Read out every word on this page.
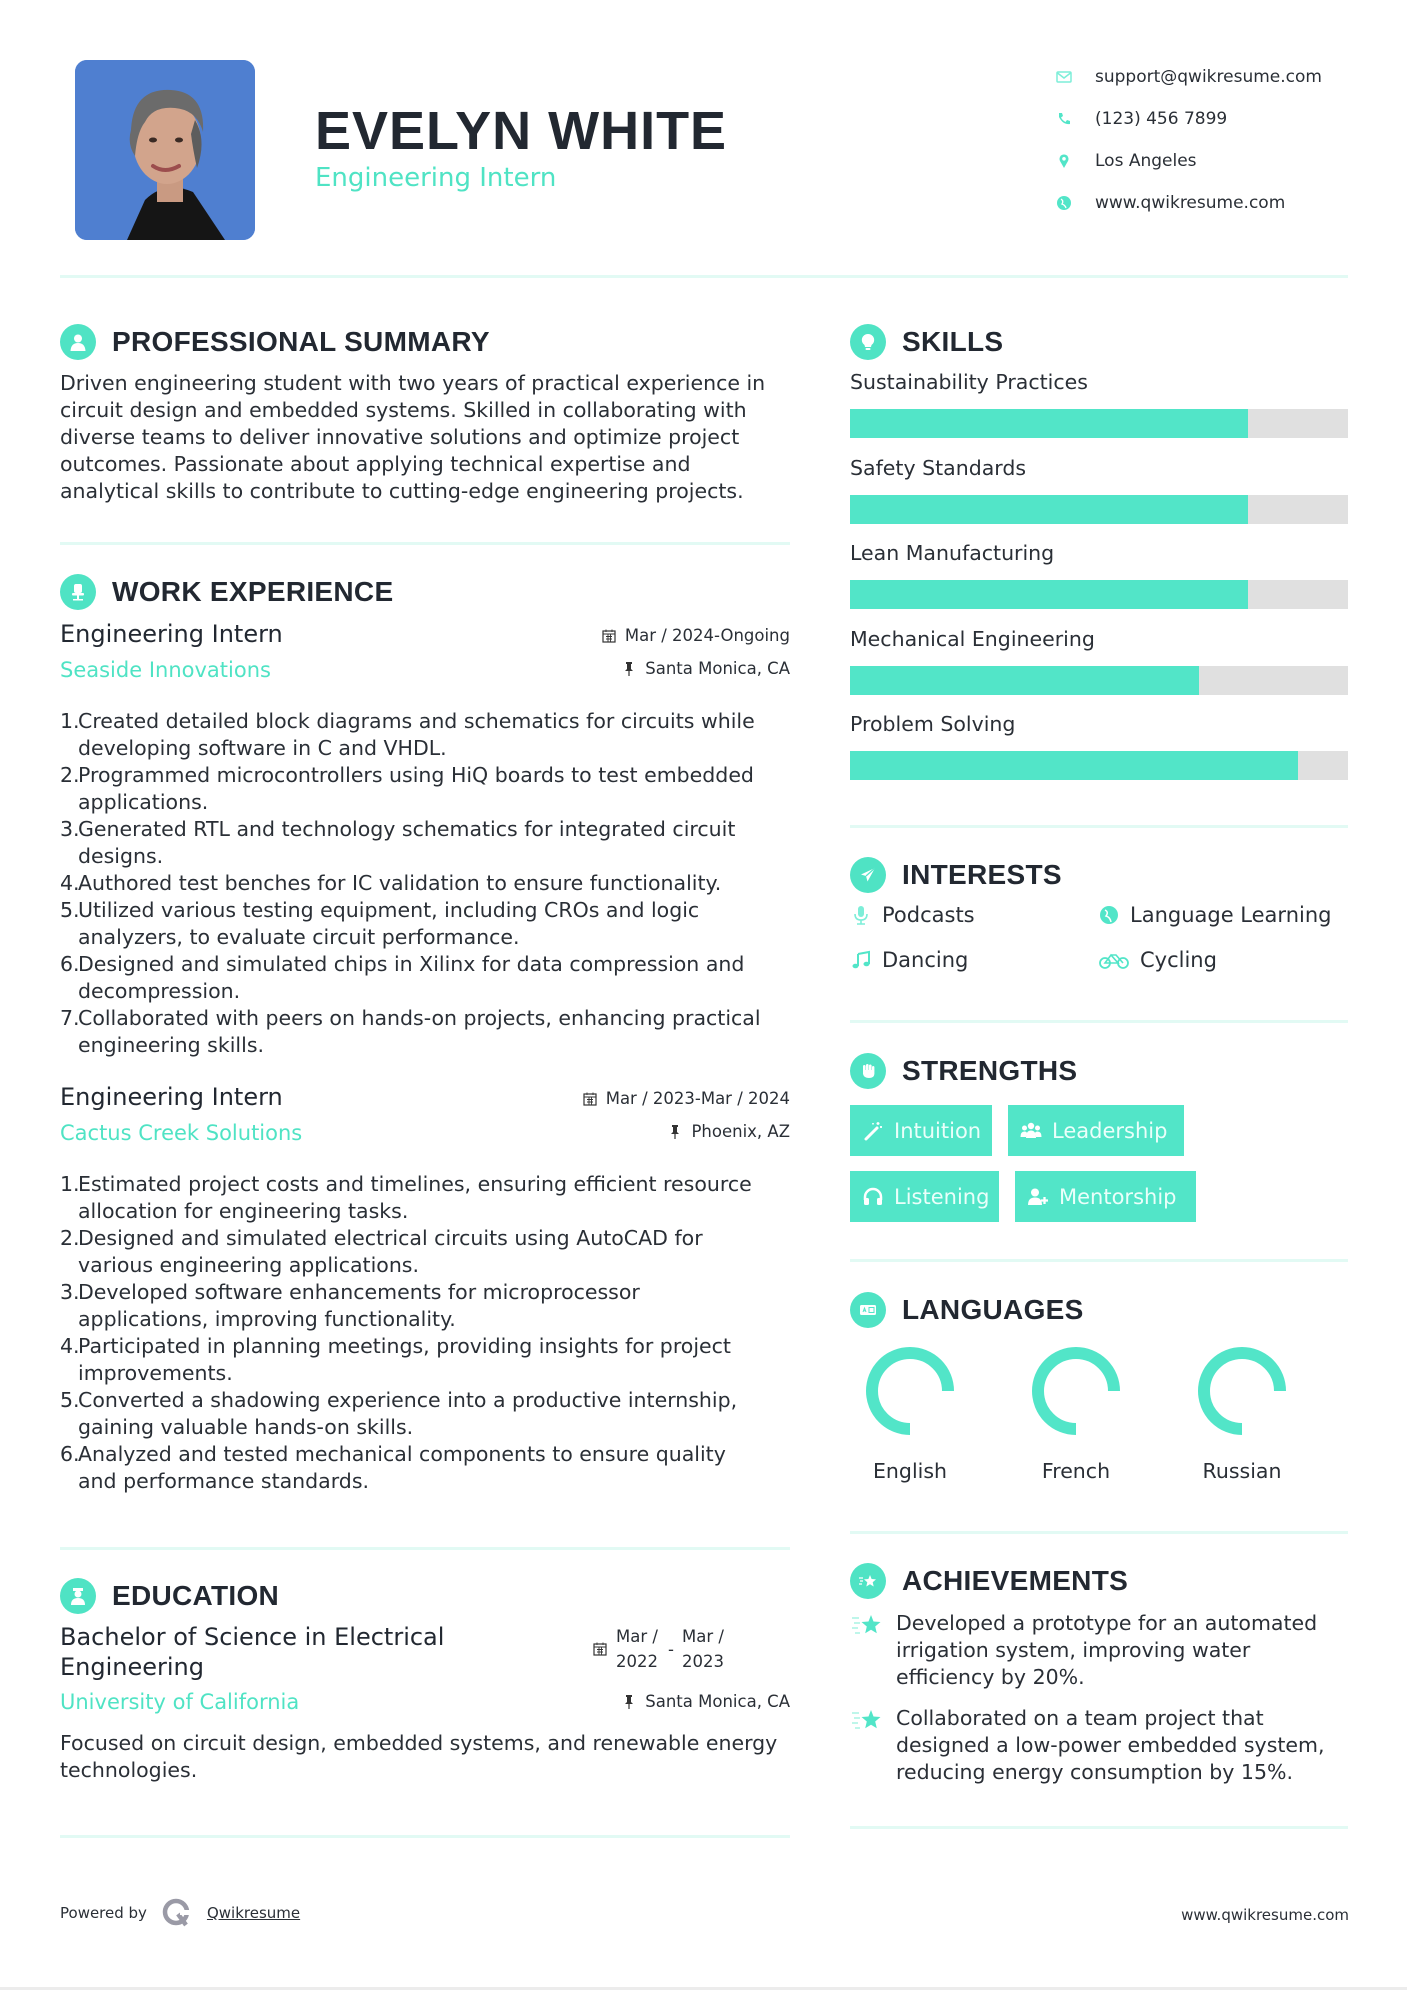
EVELYN WHITE
Engineering Intern
support@qwikresume.com
(123) 456 7899
Los Angeles
www.qwikresume.com
PROFESSIONAL SUMMARY
Driven engineering student with two years of practical experience in circuit design and embedded systems. Skilled in collaborating with diverse teams to deliver innovative solutions and optimize project outcomes. Passionate about applying technical expertise and analytical skills to contribute to cutting-edge engineering projects.
WORK EXPERIENCE
Engineering Intern
Seaside Innovations
Mar / 2024-Ongoing
Santa Monica, CA
1.
Created detailed block diagrams and schematics for circuits while
developing software in C and VHDL.
2.
Programmed microcontrollers using HiQ boards to test embedded
applications.
3.
Generated RTL and technology schematics for integrated circuit
designs.
4.
Authored test benches for IC validation to ensure functionality.
5.
Utilized various testing equipment, including CROs and logic
analyzers, to evaluate circuit performance.
6.
Designed and simulated chips in Xilinx for data compression and
decompression.
7.
Collaborated with peers on hands-on projects, enhancing practical
engineering skills.
Engineering Intern
Cactus Creek Solutions
Mar / 2023-Mar / 2024
Phoenix, AZ
1.
Estimated project costs and timelines, ensuring efficient resource
allocation for engineering tasks.
2.
Designed and simulated electrical circuits using AutoCAD for
various engineering applications.
3.
Developed software enhancements for microprocessor
applications, improving functionality.
4.
Participated in planning meetings, providing insights for project
improvements.
5.
Converted a shadowing experience into a productive internship,
gaining valuable hands-on skills.
6.
Analyzed and tested mechanical components to ensure quality
and performance standards.
EDUCATION
Bachelor of Science in Electrical Engineering
University of California
Mar / 2022
-
Mar / 2023
Santa Monica, CA
Focused on circuit design, embedded systems, and renewable energy technologies.
SKILLS
Sustainability Practices
Safety Standards
Lean Manufacturing
Mechanical Engineering
Problem Solving
INTERESTS
Podcasts	Language Learning
Dancing	Cycling
STRENGTHS
Intuition	Leadership
Listening	Mentorship
LANGUAGES
English	French	Russian
ACHIEVEMENTS
Developed a prototype for an automated
irrigation system, improving water
efficiency by 20%.
Collaborated on a team project that
designed a low-power embedded system,
reducing energy consumption by 15%.
Powered by	Qwikresume	www.qwikresume.com
